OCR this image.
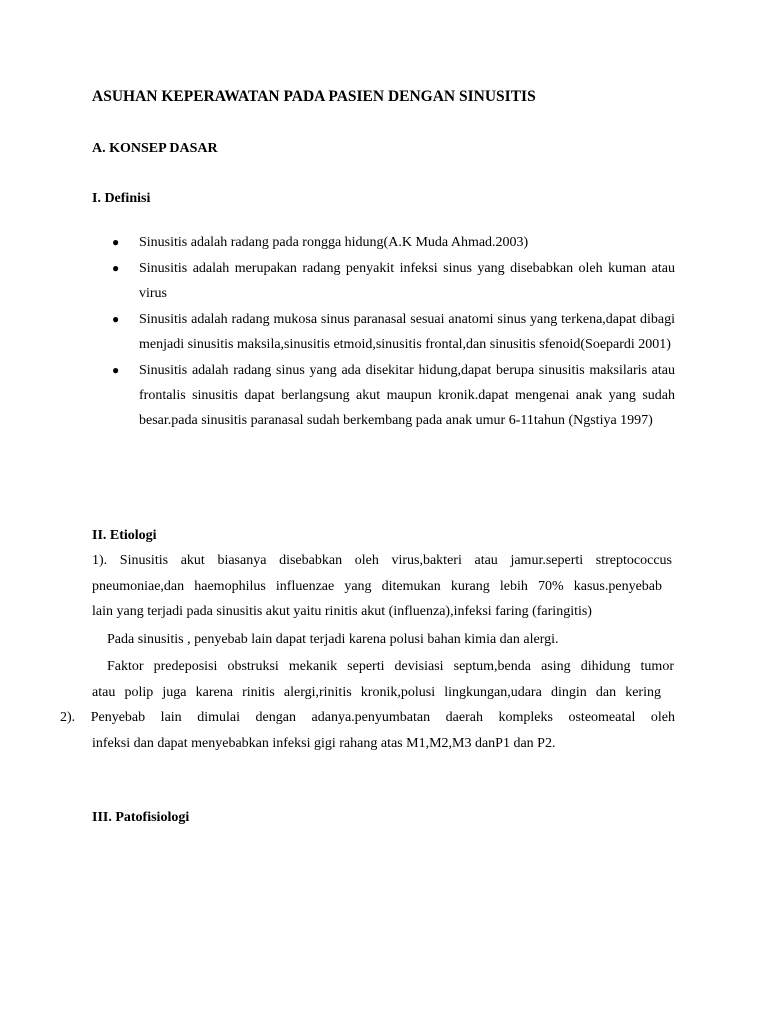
ASUHAN KEPERAWATAN PADA PASIEN DENGAN SINUSITIS
A. KONSEP DASAR
I. Definisi
● Sinusitis adalah radang pada rongga hidung(A.K Muda Ahmad.2003)
● Sinusitis adalah merupakan radang penyakit infeksi sinus yang disebabkan oleh kuman atau virus
● Sinusitis adalah radang mukosa sinus paranasal sesuai anatomi sinus yang terkena,dapat dibagi menjadi sinusitis maksila,sinusitis etmoid,sinusitis frontal,dan sinusitis sfenoid(Soepardi 2001)
● Sinusitis adalah radang sinus yang ada disekitar hidung,dapat berupa sinusitis maksilaris atau frontalis sinusitis dapat berlangsung akut maupun kronik.dapat mengenai anak yang sudah besar.pada sinusitis paranasal sudah berkembang pada anak umur 6-11tahun (Ngstiya 1997)
II. Etiologi
1). Sinusitis akut biasanya disebabkan oleh virus,bakteri atau jamur.seperti streptococcus
pneumoniae,dan haemophilus influenzae yang ditemukan kurang lebih 70% kasus.penyebab
lain yang terjadi pada sinusitis akut yaitu rinitis akut (influenza),infeksi faring (faringitis)
Pada sinusitis , penyebab lain dapat terjadi karena polusi bahan kimia dan alergi.
Faktor predeposisi obstruksi mekanik seperti devisiasi septum,benda asing dihidung tumor
atau polip juga karena rinitis alergi,rinitis kronik,polusi lingkungan,udara dingin dan kering
2). Penyebab lain dimulai dengan adanya.penyumbatan daerah kompleks osteomeatal oleh
infeksi dan dapat menyebabkan infeksi gigi rahang atas M1,M2,M3 danP1 dan P2.
III. Patofisiologi
